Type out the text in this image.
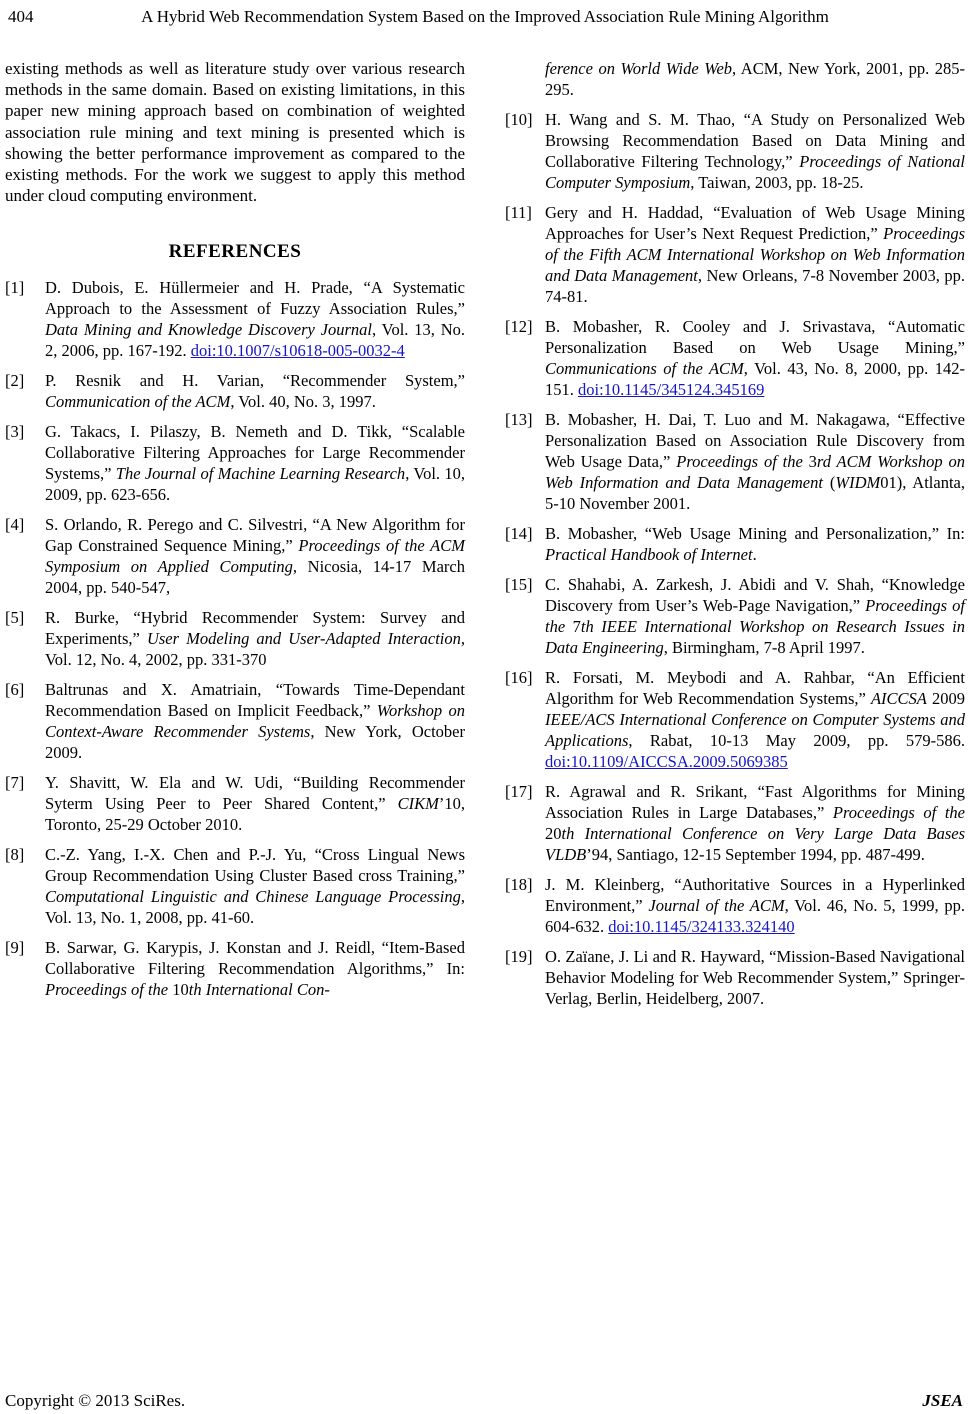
404	A Hybrid Web Recommendation System Based on the Improved Association Rule Mining Algorithm

existing methods as well as literature study over various research methods in the same domain. Based on existing limitations, in this paper new mining approach based on combination of weighted association rule mining and text mining is presented which is showing the better performance improvement as compared to the existing methods. For the work we suggest to apply this method under cloud computing environment.

REFERENCES
[1]	D. Dubois, E. Hüllermeier and H. Prade, “A Systematic Approach to the Assessment of Fuzzy Association Rules,” Data Mining and Knowledge Discovery Journal, Vol. 13, No. 2, 2006, pp. 167-192. doi:10.1007/s10618-005-0032-4
[2]	P. Resnik and H. Varian, “Recommender System,” Communication of the ACM, Vol. 40, No. 3, 1997.
[3]	G. Takacs, I. Pilaszy, B. Nemeth and D. Tikk, “Scalable Collaborative Filtering Approaches for Large Recommender Systems,” The Journal of Machine Learning Research, Vol. 10, 2009, pp. 623-656.
[4]	S. Orlando, R. Perego and C. Silvestri, “A New Algorithm for Gap Constrained Sequence Mining,” Proceedings of the ACM Symposium on Applied Computing, Nicosia, 14-17 March 2004, pp. 540-547,
[5]	R. Burke, “Hybrid Recommender System: Survey and Experiments,” User Modeling and User-Adapted Interaction, Vol. 12, No. 4, 2002, pp. 331-370
[6]	Baltrunas and X. Amatriain, “Towards Time-Dependant Recommendation Based on Implicit Feedback,” Workshop on Context-Aware Recommender Systems, New York, October 2009.
[7]	Y. Shavitt, W. Ela and W. Udi, “Building Recommender Syterm Using Peer to Peer Shared Content,” CIKM’10, Toronto, 25-29 October 2010.
[8]	C.-Z. Yang, I.-X. Chen and P.-J. Yu, “Cross Lingual News Group Recommendation Using Cluster Based cross Training,” Computational Linguistic and Chinese Language Processing, Vol. 13, No. 1, 2008, pp. 41-60.
[9]	B. Sarwar, G. Karypis, J. Konstan and J. Reidl, “Item-Based Collaborative Filtering Recommendation Algorithms,” In: Proceedings of the 10th International Con-

ference on World Wide Web, ACM, New York, 2001, pp. 285-295.

[10] H. Wang and S. M. Thao, “A Study on Personalized Web Browsing Recommendation Based on Data Mining and Collaborative Filtering Technology,” Proceedings of National Computer Symposium, Taiwan, 2003, pp. 18-25.
[11] Gery and H. Haddad, “Evaluation of Web Usage Mining Approaches for User’s Next Request Prediction,” Proceedings of the Fifth ACM International Workshop on Web Information and Data Management, New Orleans, 7-8 November 2003, pp. 74-81.
[12] B. Mobasher, R. Cooley and J. Srivastava, “Automatic Personalization Based on Web Usage Mining,” Communications of the ACM, Vol. 43, No. 8, 2000, pp. 142-151. doi:10.1145/345124.345169
[13] B. Mobasher, H. Dai, T. Luo and M. Nakagawa, “Effective Personalization Based on Association Rule Discovery from Web Usage Data,” Proceedings of the 3rd ACM Workshop on Web Information and Data Management (WIDM01), Atlanta, 5-10 November 2001.
[14] B. Mobasher, “Web Usage Mining and Personalization,” In: Practical Handbook of Internet.
[15] C. Shahabi, A. Zarkesh, J. Abidi and V. Shah, “Knowledge Discovery from User’s Web-Page Navigation,” Proceedings of the 7th IEEE International Workshop on Research Issues in Data Engineering, Birmingham, 7-8 April 1997.
[16] R. Forsati, M. Meybodi and A. Rahbar, “An Efficient Algorithm for Web Recommendation Systems,” AICCSA 2009 IEEE/ACS International Conference on Computer Systems and Applications, Rabat, 10-13 May 2009, pp. 579-586. doi:10.1109/AICCSA.2009.5069385
[17] R. Agrawal and R. Srikant, “Fast Algorithms for Mining Association Rules in Large Databases,” Proceedings of the 20th International Conference on Very Large Data Bases VLDB’94, Santiago, 12-15 September 1994, pp. 487-499.
[18] J. M. Kleinberg, “Authoritative Sources in a Hyperlinked Environment,” Journal of the ACM, Vol. 46, No. 5, 1999, pp. 604-632. doi:10.1145/324133.324140
[19] O. Zaïane, J. Li and R. Hayward, “Mission-Based Navigational Behavior Modeling for Web Recommender System,” Springer-Verlag, Berlin, Heidelberg, 2007.
Copyright © 2013 SciRes.	JSEA
